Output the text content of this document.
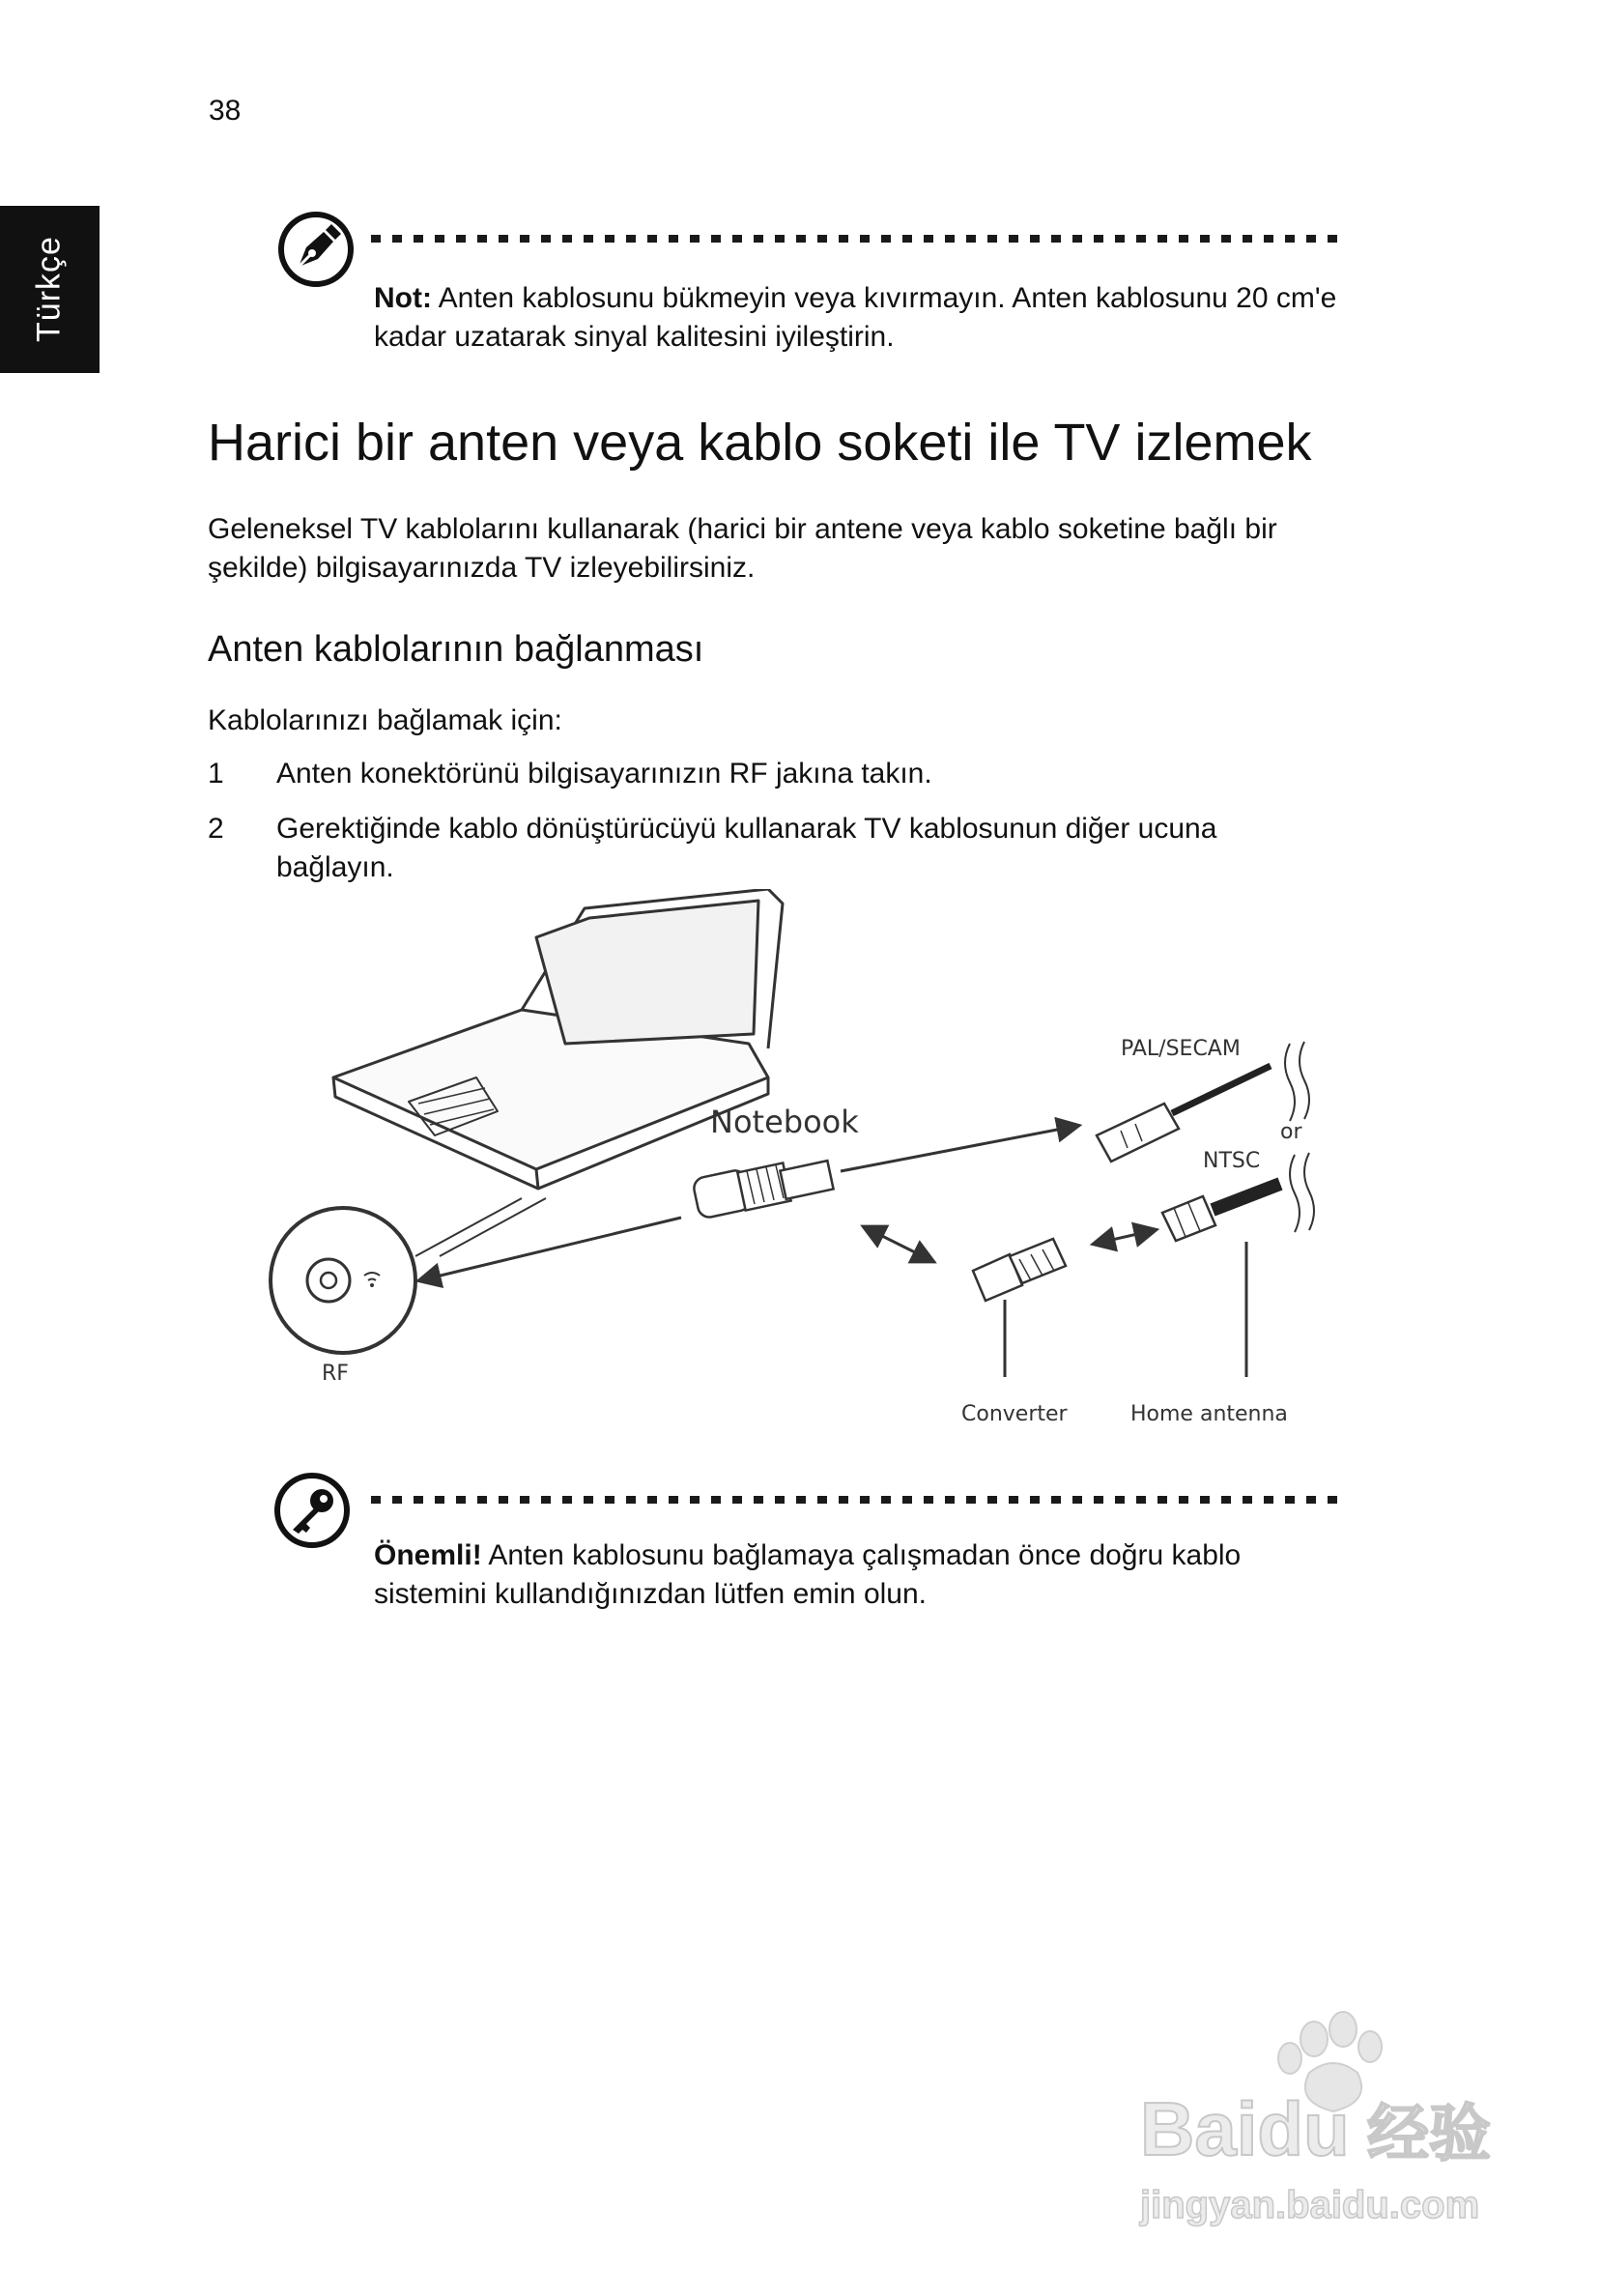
38
Türkçe	Not: Anten kablosunu bükmeyin veya kıvırmayın. Anten kablosunu 20 cm'e kadar uzatarak sinyal kalitesini iyileştirin.
Harici bir anten veya kablo soketi ile TV izlemek
Geleneksel TV kablolarını kullanarak (harici bir antene veya kablo soketine bağlı bir şekilde) bilgisayarınızda TV izleyebilirsiniz.
Anten kablolarının bağlanması
Kablolarınızı bağlamak için:
1 Anten konektörünü bilgisayarınızın RF jakına takın.
2 Gerektiğinde kablo dönüştürücüyü kullanarak TV kablosunun diğer ucuna bağlayın.
RF
Notebook
PAL/SECAM
or
NTSC
Converter	Home antenna
Önemli! Anten kablosunu bağlamaya çalışmadan önce doğru kablo sistemini kullandığınızdan lütfen emin olun.
Baidu 经验
jingyan.baidu.com
